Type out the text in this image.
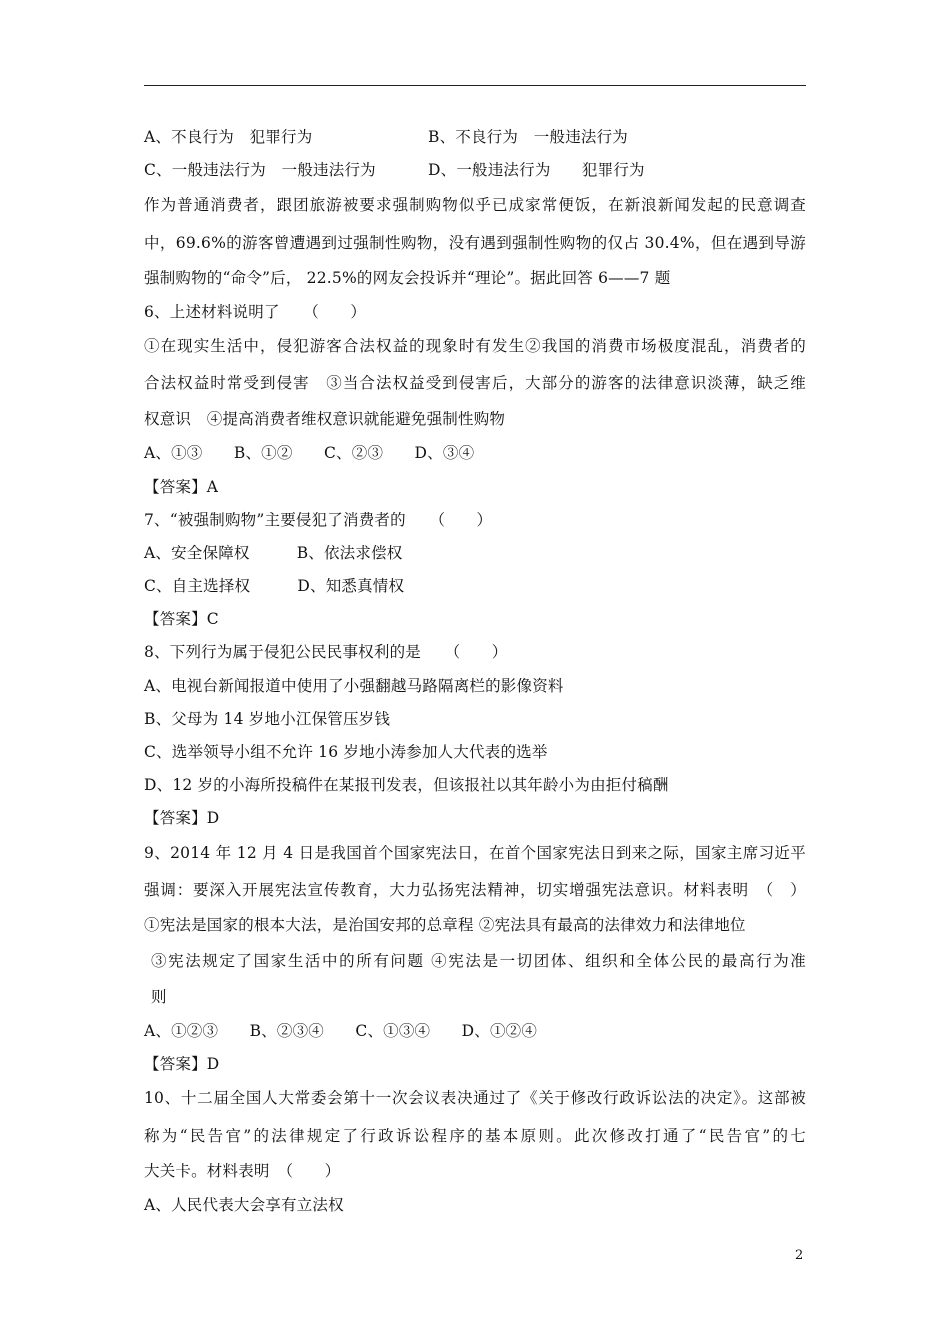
A、不良行为　犯罪行为	B、不良行为　一般违法行为
C、一般违法行为　一般违法行为	D、一般违法行为　　犯罪行为
作为普通消费者，跟团旅游被要求强制购物似乎已成家常便饭，在新浪新闻发起的民意调查
中，69.6%的游客曾遭遇到过强制性购物，没有遇到强制性购物的仅占 30.4%，但在遇到导游
强制购物的“命令”后， 22.5%的网友会投诉并“理论”。据此回答 6——7 题
6、上述材料说明了　　（　　）
①在现实生活中，侵犯游客合法权益的现象时有发生②我国的消费市场极度混乱，消费者的
合法权益时常受到侵害　③当合法权益受到侵害后，大部分的游客的法律意识淡薄，缺乏维
权意识　④提高消费者维权意识就能避免强制性购物
A、①③　　B、①②　　C、②③　　D、③④
【答案】A
7、“被强制购物”主要侵犯了消费者的　　（　　）
A、安全保障权　　　B、依法求偿权
C、自主选择权　　　D、知悉真情权
【答案】C
8、下列行为属于侵犯公民民事权利的是　　（　　）
A、电视台新闻报道中使用了小强翻越马路隔离栏的影像资料
B、父母为 14 岁地小江保管压岁钱
C、选举领导小组不允许 16 岁地小涛参加人大代表的选举
D、12 岁的小海所投稿件在某报刊发表，但该报社以其年龄小为由拒付稿酬
【答案】D
9、2014 年 12 月 4 日是我国首个国家宪法日，在首个国家宪法日到来之际，国家主席习近平
强调：要深入开展宪法宣传教育，大力弘扬宪法精神，切实增强宪法意识。材料表明　（　）
①宪法是国家的根本大法，是治国安邦的总章程 ②宪法具有最高的法律效力和法律地位
③宪法规定了国家生活中的所有问题 ④宪法是一切团体、组织和全体公民的最高行为准
则
A、①②③　　B、②③④　　C、①③④　　D、①②④
【答案】D
10、十二届全国人大常委会第十一次会议表决通过了《关于修改行政诉讼法的决定》。这部被
称为“民告官”的法律规定了行政诉讼程序的基本原则。此次修改打通了“民告官”的七
大关卡。材料表明　（　　）
A、人民代表大会享有立法权
2
